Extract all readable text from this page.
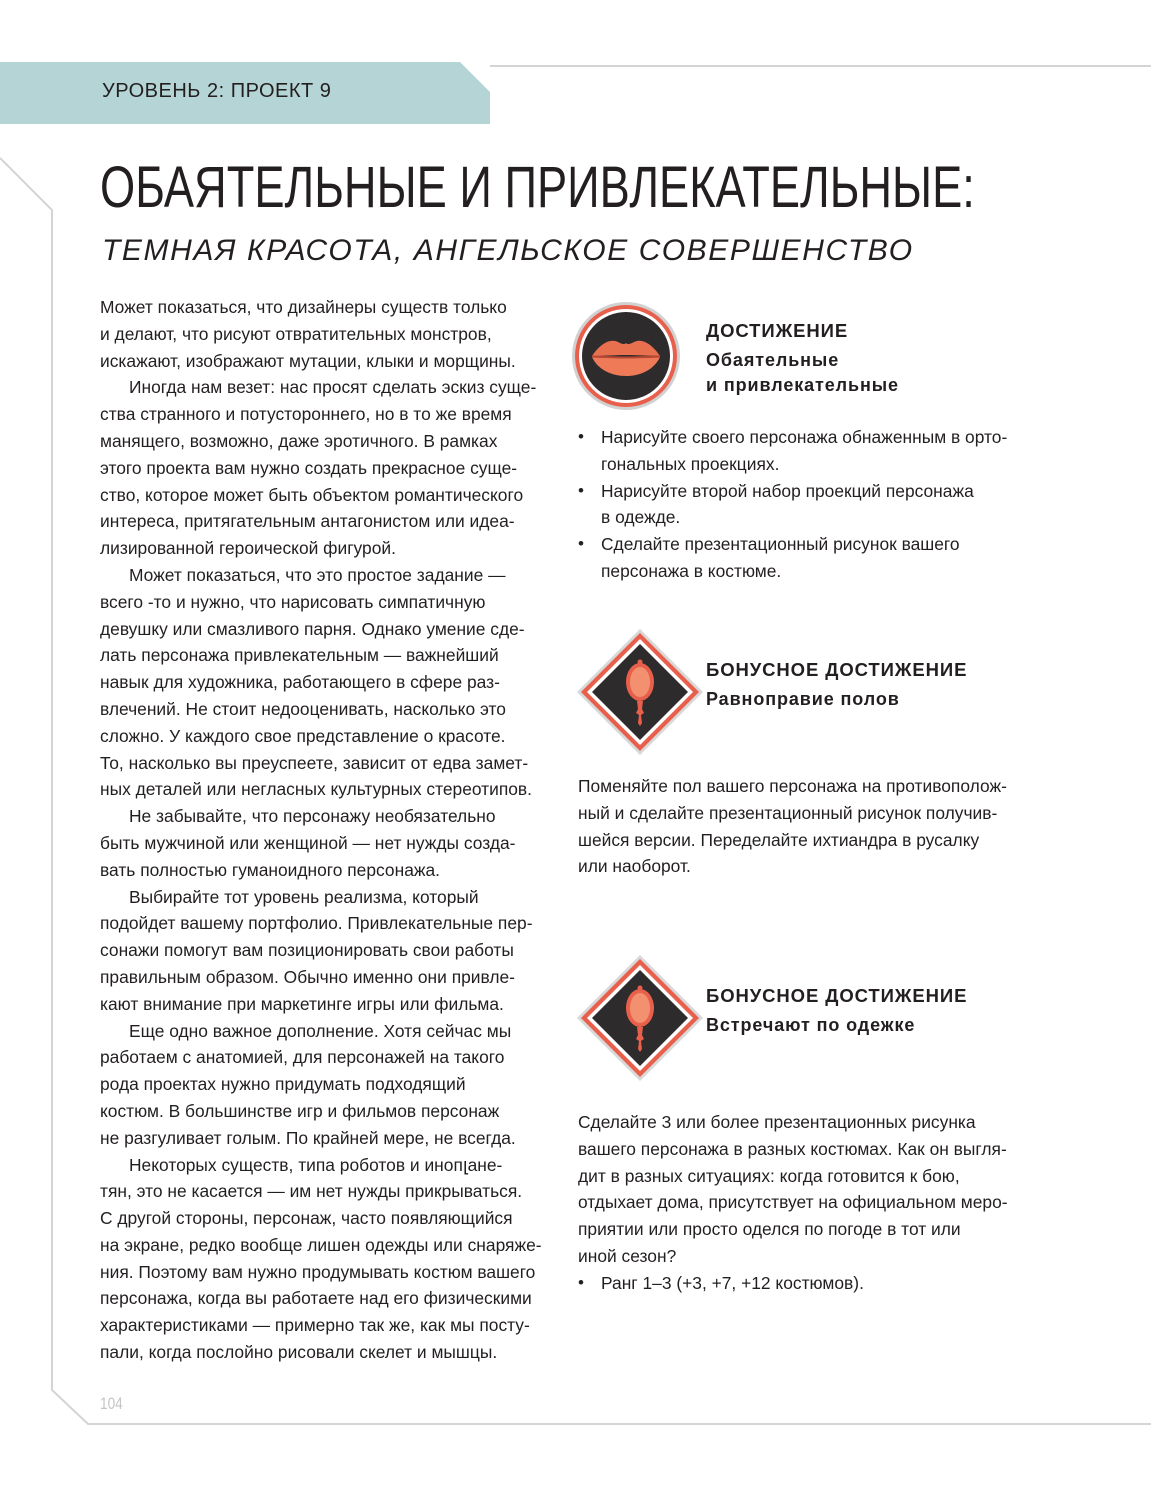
УРОВЕНЬ 2: ПРОЕКТ 9
ОБАЯТЕЛЬНЫЕ И ПРИВЛЕКАТЕЛЬНЫЕ:
ТЕМНАЯ КРАСОТА, АНГЕЛЬСКОЕ СОВЕРШЕНСТВО
Может показаться, что дизайнеры существ только
и делают, что рисуют отвратительных монстров,
искажают, изображают мутации, клыки и морщины.
Иногда нам везет: нас просят сделать эскиз суще-
ства странного и потустороннего, но в то же время
манящего, возможно, даже эротичного. В рамках
этого проекта вам нужно создать прекрасное суще-
ство, которое может быть объектом романтического
интереса, притягательным антагонистом или идеа-
лизированной героической фигурой.
Может показаться, что это простое задание —
всего -то и нужно, что нарисовать симпатичную
девушку или смазливого парня. Однако умение сде-
лать персонажа привлекательным — важнейший
навык для художника, работающего в сфере раз-
влечений. Не стоит недооценивать, насколько это
сложно. У каждого свое представление о красоте.
То, насколько вы преуспеете, зависит от едва замет-
ных деталей или негласных культурных стереотипов.
Не забывайте, что персонажу необязательно
быть мужчиной или женщиной — нет нужды созда-
вать полностью гуманоидного персонажа.
Выбирайте тот уровень реализма, который
подойдет вашему портфолио. Привлекательные пер-
сонажи помогут вам позиционировать свои работы
правильным образом. Обычно именно они привле-
кают внимание при маркетинге игры или фильма.
Еще одно важное дополнение. Хотя сейчас мы
работаем с анатомией, для персонажей на такого
рода проектах нужно придумать подходящий
костюм. В большинстве игр и фильмов персонаж
не разгуливает голым. По крайней мере, не всегда.
Некоторых существ, типа роботов и инопլане-
тян, это не касается — им нет нужды прикрываться.
С другой стороны, персонаж, часто появляющийся
на экране, редко вообще лишен одежды или снаряже-
ния. Поэтому вам нужно продумывать костюм вашего
персонажа, когда вы работаете над его физическими
характеристиками — примерно так же, как мы посту-
пали, когда послойно рисовали скелет и мышцы.
ДОСТИЖЕНИЕ
Обаятельные
и привлекательные
• Нарисуйте своего персонажа обнаженным в орто-
гональных проекциях.
• Нарисуйте второй набор проекций персонажа
в одежде.
• Сделайте презентационный рисунок вашего
персонажа в костюме.
БОНУСНОЕ ДОСТИЖЕНИЕ
Равноправие полов
Поменяйте пол вашего персонажа на противополож-
ный и сделайте презентационный рисунок получив-
шейся версии. Переделайте ихтиандра в русалку
или наоборот.
БОНУСНОЕ ДОСТИЖЕНИЕ
Встречают по одежке
Сделайте 3 или более презентационных рисунка
вашего персонажа в разных костюмах. Как он выгля-
дит в разных ситуациях: когда готовится к бою,
отдыхает дома, присутствует на официальном меро-
приятии или просто оделся по погоде в тот или
иной сезон?
• Ранг 1–3 (+3, +7, +12 костюмов).
104
